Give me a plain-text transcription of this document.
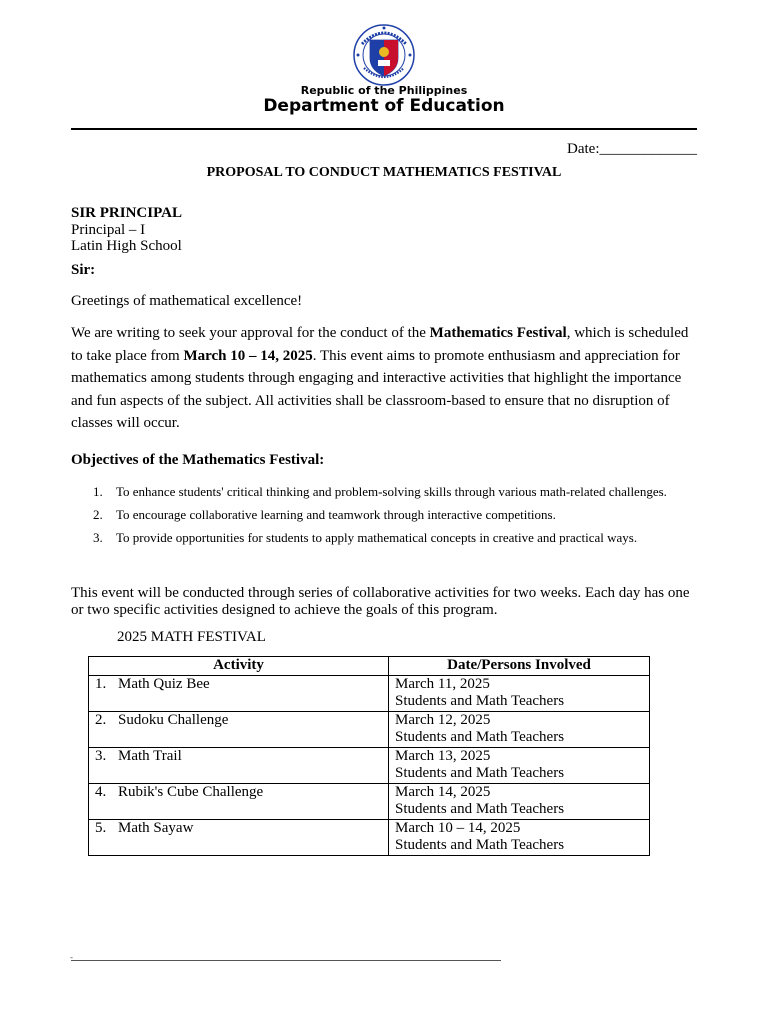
Republic of the Philippines
Department of Education
Date:_____________
PROPOSAL TO CONDUCT MATHEMATICS FESTIVAL
SIR PRINCIPAL
Principal – I
Latin High School
Sir:
Greetings of mathematical excellence!
We are writing to seek your approval for the conduct of the Mathematics Festival, which is scheduled to take place from March 10 – 14, 2025. This event aims to promote enthusiasm and appreciation for mathematics among students through engaging and interactive activities that highlight the importance and fun aspects of the subject. All activities shall be classroom-based to ensure that no disruption of classes will occur.
Objectives of the Mathematics Festival:
1. To enhance students' critical thinking and problem-solving skills through various math-related challenges.
2. To encourage collaborative learning and teamwork through interactive competitions.
3. To provide opportunities for students to apply mathematical concepts in creative and practical ways.
This event will be conducted through series of collaborative activities for two weeks. Each day has one or two specific activities designed to achieve the goals of this program.
2025 MATH FESTIVAL
Activity	Date/Persons Involved
1. Math Quiz Bee	March 11, 2025
Students and Math Teachers

2. Sudoku Challenge	March 12, 2025
Students and Math Teachers

3. Math Trail	March 13, 2025
Students and Math Teachers

4. Rubik's Cube Challenge	March 14, 2025
Students and Math Teachers

5. Math Sayaw	March 10 – 14, 2025
Students and Math Teachers
-
